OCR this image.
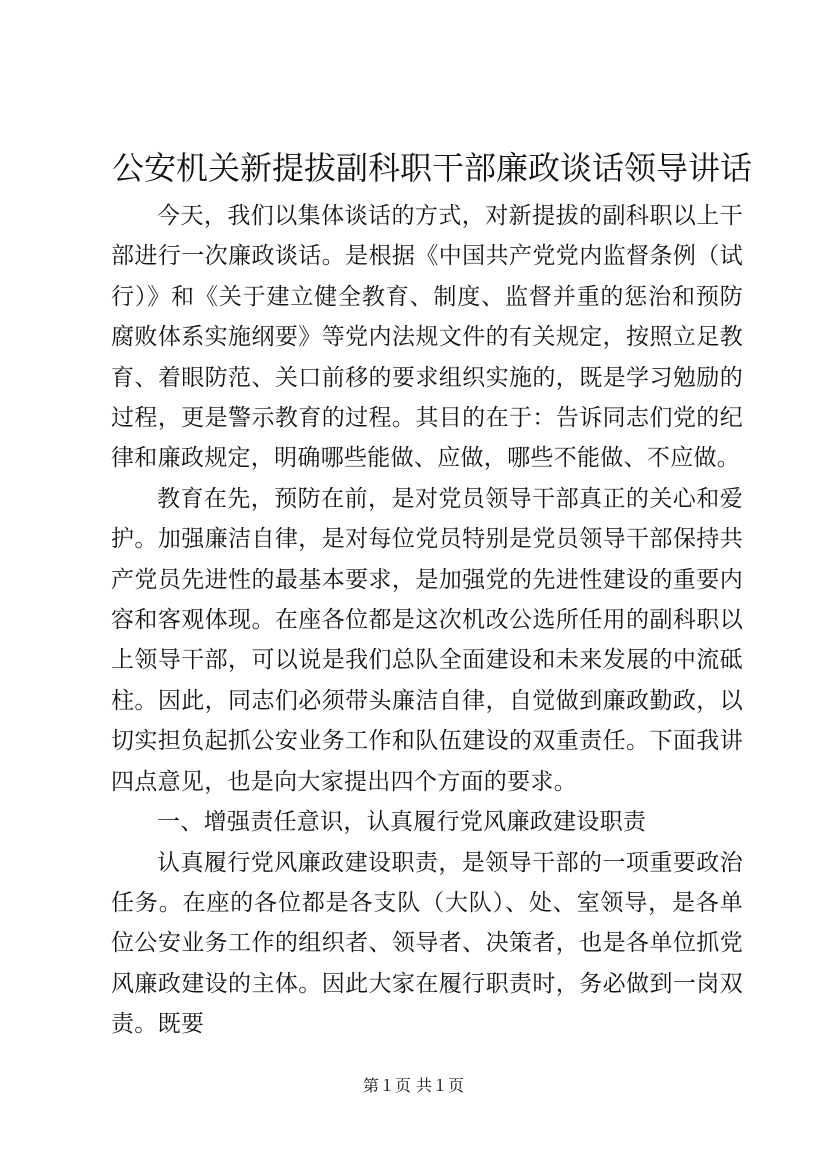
公安机关新提拔副科职干部廉政谈话领导讲话

今天，我们以集体谈话的方式，对新提拔的副科职以上干部进行一次廉政谈话。是根据《中国共产党党内监督条例（试行）》和《关于建立健全教育、制度、监督并重的惩治和预防腐败体系实施纲要》等党内法规文件的有关规定，按照立足教育、着眼防范、关口前移的要求组织实施的，既是学习勉励的过程，更是警示教育的过程。其目的在于：告诉同志们党的纪律和廉政规定，明确哪些能做、应做，哪些不能做、不应做。

教育在先，预防在前，是对党员领导干部真正的关心和爱护。加强廉洁自律，是对每位党员特别是党员领导干部保持共产党员先进性的最基本要求，是加强党的先进性建设的重要内容和客观体现。在座各位都是这次机改公选所任用的副科职以上领导干部，可以说是我们总队全面建设和未来发展的中流砥柱。因此，同志们必须带头廉洁自律，自觉做到廉政勤政，以切实担负起抓公安业务工作和队伍建设的双重责任。下面我讲四点意见，也是向大家提出四个方面的要求。

一、增强责任意识，认真履行党风廉政建设职责

认真履行党风廉政建设职责，是领导干部的一项重要政治任务。在座的各位都是各支队（大队）、处、室领导，是各单位公安业务工作的组织者、领导者、决策者，也是各单位抓党风廉政建设的主体。因此大家在履行职责时，务必做到一岗双责。既要

第１页 共１页
